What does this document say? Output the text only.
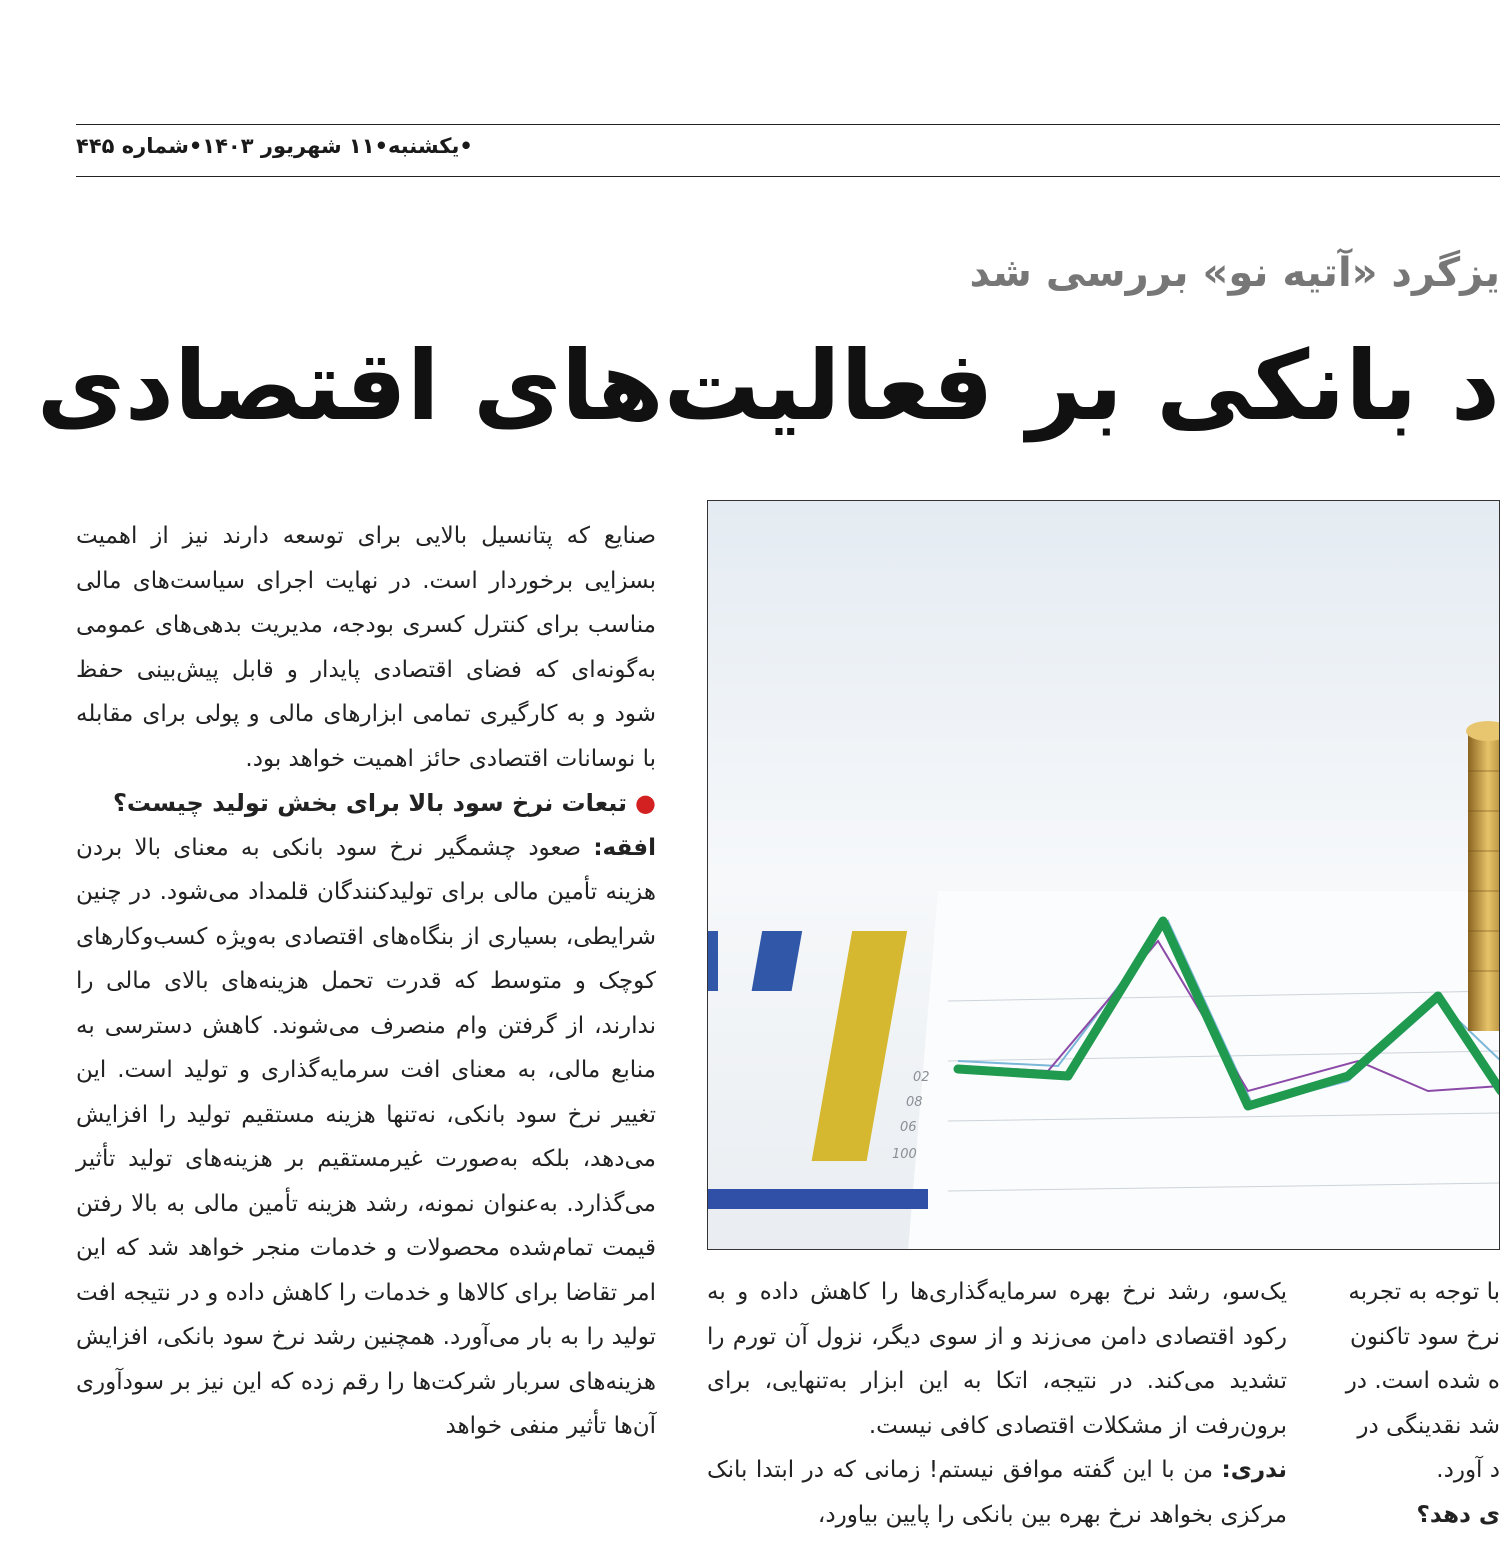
•یکشنبه•۱۱ شهریور ۱۴۰۳•شماره ۴۴۵
یزگرد «آتیه نو» بررسی شد
د بانکی بر فعالیت‌های اقتصادی

صنایع که پتانسیل بالایی برای توسعه دارند نیز از اهمیت بسزایی برخوردار است. در نهایت اجرای سیاست‌های مالی مناسب برای کنترل کسری بودجه، مدیریت بدهی‌های عمومی به‌گونه‌ای که فضای اقتصادی پایدار و قابل پیش‌بینی حفظ شود و به کارگیری تمامی ابزارهای مالی و پولی برای مقابله با نوسانات اقتصادی حائز اهمیت خواهد بود.

●تبعات نرخ سود بالا برای بخش تولید چیست؟

افقه: صعود چشمگیر نرخ سود بانکی به معنای بالا بردن هزینه تأمین مالی برای تولیدکنندگان قلمداد می‌شود. در چنین شرایطی، بسیاری از بنگاه‌های اقتصادی به‌ویژه کسب‌وکارهای کوچک و متوسط که قدرت تحمل هزینه‌های بالای مالی را ندارند، از گرفتن وام منصرف می‌شوند. کاهش دسترسی به منابع مالی، به معنای افت سرمایه‌گذاری و تولید است. این تغییر نرخ سود بانکی، نه‌تنها هزینه مستقیم تولید را افزایش می‌دهد، بلکه به‌صورت غیرمستقیم بر هزینه‌های تولید تأثیر می‌گذارد. به‌عنوان نمونه، رشد هزینه تأمین مالی به بالا رفتن قیمت تمام‌شده محصولات و خدمات منجر خواهد شد که این امر تقاضا برای کالاها و خدمات را کاهش داده و در نتیجه افت تولید را به بار می‌آورد. همچنین رشد نرخ سود بانکی، افزایش هزینه‌های سربار شرکت‌ها را رقم زده که این نیز بر سودآوری آن‌ها تأثیر منفی خواهد

02
08
06
100

یک‌سو، رشد نرخ بهره سرمایه‌گذاری‌ها را کاهش داده و به رکود اقتصادی دامن می‌زند و از سوی دیگر، نزول آن تورم را تشدید می‌کند. در نتیجه، اتکا به این ابزار به‌تنهایی، برای برون‌رفت از مشکلات اقتصادی کافی نیست.

ندری: من با این گفته موافق نیستم! زمانی که در ابتدا بانک مرکزی بخواهد نرخ بهره بین بانکی را پایین بیاورد،

با توجه به تجربه
نرخ سود تاکنون
ه شده است. در
شد نقدینگی در
د آورد.
ی دهد؟
